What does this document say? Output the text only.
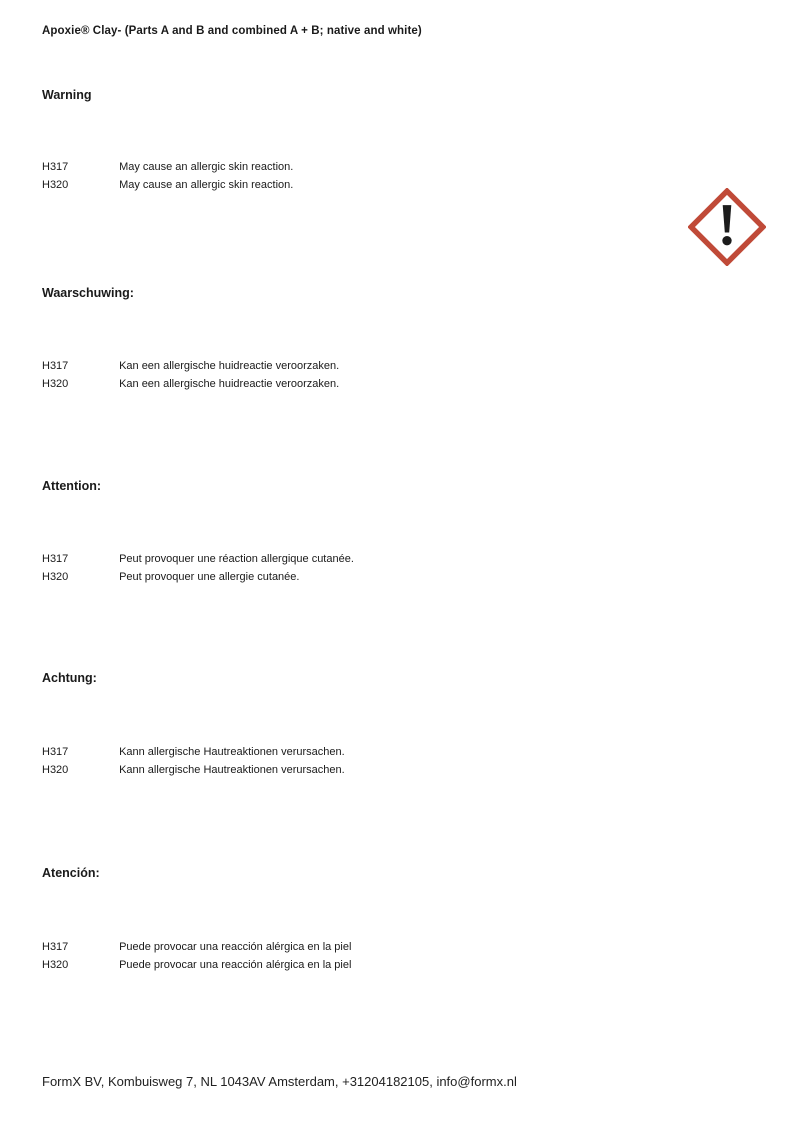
Apoxie® Clay- (Parts A and B and combined A + B; native and white)
Warning
H317	May cause an allergic skin reaction.
H320	May cause an allergic skin reaction.
Waarschuwing:
H317	Kan een allergische huidreactie veroorzaken.
H320	Kan een allergische huidreactie veroorzaken.
Attention:
H317	Peut provoquer une réaction allergique cutanée.
H320	Peut provoquer une allergie cutanée.
Achtung:
H317	Kann allergische Hautreaktionen verursachen.
H320	Kann allergische Hautreaktionen verursachen.
Atención:
H317	Puede provocar una reacción alérgica en la piel
H320	Puede provocar una reacción alérgica en la piel
FormX BV, Kombuisweg 7, NL 1043AV Amsterdam, +31204182105, info@formx.nl
